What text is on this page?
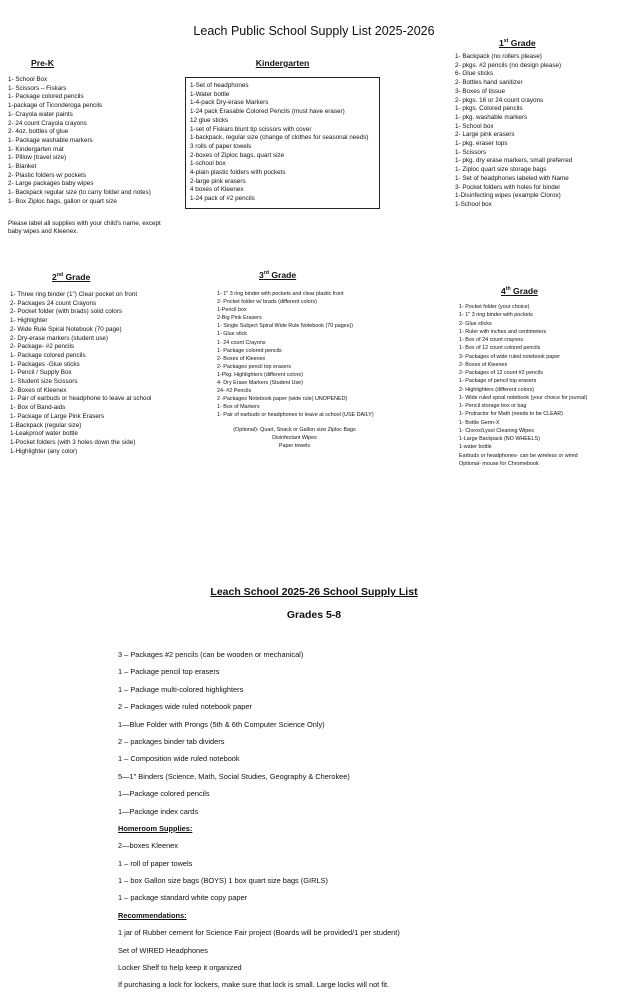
Leach Public School Supply List 2025-2026
Pre-K
1- School Box
1- Scissors – Fiskars
1- Package colored pencils
1-package of Ticonderoga pencils
1- Crayola water paints
2- 24 count Crayola crayons
2- 4oz. bottles of glue
1- Package washable markers
1- Kindergarten mat
1- Pillow (travel size)
1- Blanket
2- Plastic folders w/ pockets
2- Large packages baby wipes
1- Backpack regular size (to carry folder and notes)
1- Box Ziploc bags, gallon or quart size
Please label all supplies with your child's name, except baby wipes and Kleenex.
Kindergarten
1-Set of headphones
1-Water bottle
1-4-pack Dry-erase Markers
1-24 pack Erasable Colored Pencils (must have eraser)
12 glue sticks
1-set of Fiskars blunt tip scissors with cover
1-backpack, regular size (change of clothes for seasonal needs)
3 rolls of paper towels
2-boxes of Ziploc bags, quart size
1-school box
4-plain plastic folders with pockets
2-large pink erasers
4 boxes of Kleenex
1-24 pack of #2 pencils
1st Grade
1- Backpack (no rollers please)
2- pkgs. #2 pencils (no design please)
6- Glue sticks
2- Bottles hand sanitizer
3- Boxes of tissue
2- pkgs. 16 or 24 count crayons
1- pkgs. Colored pencils
1- pkg. washable markers
1- School box
2- Large pink erasers
1- pkg. eraser tops
1- Scissors
1- pkg. dry erase markers, small preferred
1- Ziploc quart size storage bags
1- Set of headphones labeled with Name
3- Pocket folders with holes for binder
1-Disinfecting wipes (example Clorox)
1-School box
2nd Grade
1- Three ring binder (1") Clear pocket on front
2- Packages 24 count Crayons
2- Pocket folder (with brads) solid colors
1- Highlighter
2- Wide Rule Spiral Notebook (70 page)
2- Dry-erase markers (student use)
2- Package- #2 pencils
1- Package colored pencils
1- Packages -Glue sticks
1- Pencil / Supply Box
1- Student size Scissors
2- Boxes of Kleenex
1- Pair of earbuds or headphone to leave at school
1- Box of Band-aids
1- Package of Large Pink Erasers
1-Backpack (regular size)
1-Leakproof water bottle
1-Pocket folders (with 3 holes down the side)
1-Highlighter (any color)
3rd Grade
1- 1" 3 ring binder with pockets and clear plastic front
2- Pocket folder w/ brads (different colors)
1-Pencil box
2-Big Pink Erasers
1- Single Subject Spiral Wide Rule Notebook (70 pages))
1- Glue stick
1- 24 count Crayons
1- Package colored pencils
2- Boxes of Kleenex
2- Packages pencil top erasers
1-Pkg. Highlighters (different colors)
4- Dry Erase Markers (Student Use)
24- #2 Pencils
2 -Packages Notebook paper (wide rule) UNOPENED)
1- Box of Markers
1- Pair of earbuds or headphones to leave at school (USE DAILY)
(Optional)- Quart, Snack or Gallon size Ziploc Bags
Disinfectant Wipes
Paper towels
4th Grade
1- Pocket folder (your choice)
1- 1" 3 ring binder with pockets
2- Glue sticks
1- Ruler with inches and centimeters
1- Box of 24 count crayons
1- Box of 12 count colored pencils
3- Packages of wide ruled notebook paper
2- Boxes of Kleenex
2- Packages of 12 count #2 pencils
1- Package of pencil top erasers
2- Highlighters (different colors)
1- Wide ruled spiral notebook (your choice for journal)
1- Pencil storage box or bag
1- Protractor for Math (needs to be CLEAR)
1- Bottle Germ-X
1- Clorox/Lysol Cleaning Wipes
1-Large Backpack (NO WHEELS)
1-water bottle
Earbuds or headphones- can be wireless or wired
Optional- mouse for Chromebook
Leach School 2025-26 School Supply List
Grades 5-8
3 – Packages #2 pencils (can be wooden or mechanical)
1 – Package pencil top erasers
1 – Package multi-colored highlighters
2 – Packages wide ruled notebook paper
1—Blue Folder with Prongs (5th & 6th Computer Science Only)
2 – packages binder tab dividers
1 – Composition wide ruled notebook
5—1" Binders (Science, Math, Social Studies, Geography & Cherokee)
1—Package colored pencils
1—Package index cards
Homeroom Supplies:
2—boxes Kleenex
1 – roll of paper towels
1 – box Gallon size bags (BOYS) 1 box quart size bags (GIRLS)
1 – package standard white copy paper
Recommendations:
1 jar of Rubber cement for Science Fair project (Boards will be provided/1 per student)
Set of WIRED Headphones
Locker Shelf to help keep it organized
If purchasing a lock for lockers, make sure that lock is small. Large locks will not fit.
